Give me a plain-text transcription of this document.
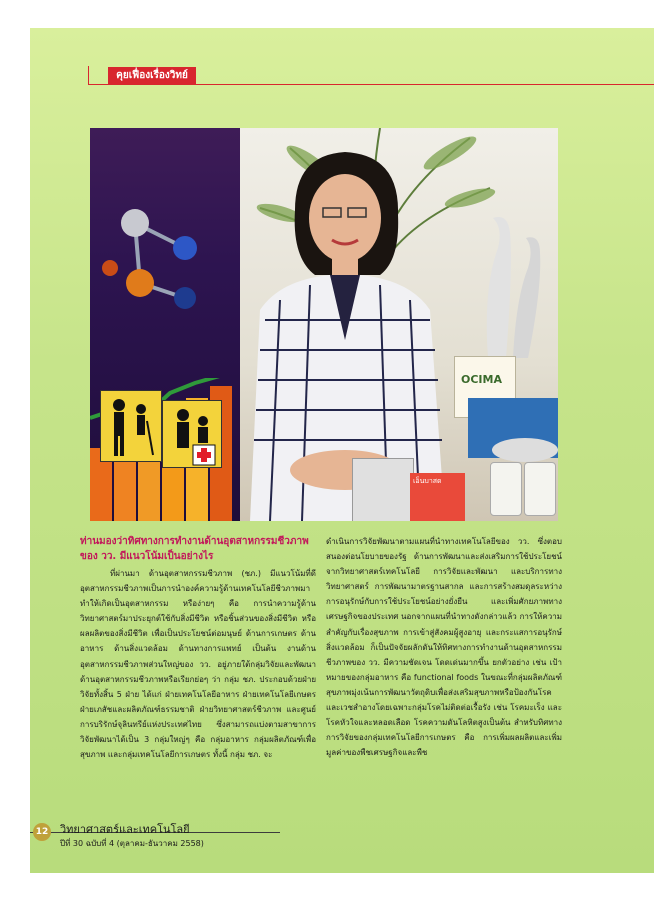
คุยเฟื่องเรื่องวิทย์
OCIMA
เอ็นบาสด
ท่านมองว่าทิศทางการทำงานด้านอุตสาหกรรมชีวภาพของ วว. มีแนวโน้มเป็นอย่างไร

ที่ผ่านมา ด้านอุตสาหกรรมชีวภาพ (ชภ.) มีแนวโน้มที่ดี อุตสาหกรรมชีวภาพเป็นการนำองค์ความรู้ด้านเทคโนโลยีชีวภาพมาทำให้เกิดเป็นอุตสาหกรรม หรือง่ายๆ คือ การนำความรู้ด้านวิทยาศาสตร์มาประยุกต์ใช้กับสิ่งมีชีวิต หรือชิ้นส่วนของสิ่งมีชีวิต หรือผลผลิตของสิ่งมีชีวิต เพื่อเป็นประโยชน์ต่อมนุษย์ ด้านการเกษตร ด้านอาหาร ด้านสิ่งแวดล้อม ด้านทางการแพทย์ เป็นต้น งานด้านอุตสาหกรรมชีวภาพส่วนใหญ่ของ วว. อยู่ภายใต้กลุ่มวิจัยและพัฒนาด้านอุตสาหกรรมชีวภาพหรือเรียกย่อๆ ว่า กลุ่ม ชภ. ประกอบด้วยฝ่ายวิจัยทั้งสิ้น 5 ฝ่าย ได้แก่ ฝ่ายเทคโนโลยีอาหาร ฝ่ายเทคโนโลยีเกษตร ฝ่ายเภสัชและผลิตภัณฑ์ธรรมชาติ ฝ่ายวิทยาศาสตร์ชีวภาพ และศูนย์การบริรักษ์จุลินทรีย์แห่งประเทศไทย ซึ่งสามารถแบ่งตามสาขาการวิจัยพัฒนาได้เป็น 3 กลุ่มใหญ่ๆ คือ กลุ่มอาหาร กลุ่มผลิตภัณฑ์เพื่อสุขภาพ และกลุ่มเทคโนโลยีการเกษตร ทั้งนี้ กลุ่ม ชภ. จะ

ดำเนินการวิจัยพัฒนาตามแผนที่นำทางเทคโนโลยีของ วว. ซึ่งตอบสนองต่อนโยบายของรัฐ ด้านการพัฒนาและส่งเสริมการใช้ประโยชน์จากวิทยาศาสตร์เทคโนโลยี การวิจัยและพัฒนา และบริการทางวิทยาศาสตร์ การพัฒนามาตรฐานสากล และการสร้างสมดุลระหว่างการอนุรักษ์กับการใช้ประโยชน์อย่างยั่งยืน และเพิ่มศักยภาพทางเศรษฐกิจของประเทศ นอกจากแผนที่นำทางดังกล่าวแล้ว การให้ความสำคัญกับเรื่องสุขภาพ การเข้าสู่สังคมผู้สูงอายุ และกระแสการอนุรักษ์สิ่งแวดล้อม ก็เป็นปัจจัยผลักดันให้ทิศทางการทำงานด้านอุตสาหกรรมชีวภาพของ วว. มีความชัดเจน โดดเด่นมากขึ้น ยกตัวอย่าง เช่น เป้าหมายของกลุ่มอาหาร คือ functional foods ในขณะที่กลุ่มผลิตภัณฑ์สุขภาพมุ่งเน้นการพัฒนาวัตถุดิบเพื่อส่งเสริมสุขภาพหรือป้องกันโรค และเวชสำอางโดยเฉพาะกลุ่มโรคไม่ติดต่อเรื้อรัง เช่น โรคมะเร็ง และโรคหัวใจและหลอดเลือด โรคความดันโลหิตสูงเป็นต้น สำหรับทิศทางการวิจัยของกลุ่มเทคโนโลยีการเกษตร คือ การเพิ่มผลผลิตและเพิ่มมูลค่าของพืชเศรษฐกิจและพืช

12 วิทยาศาสตร์และเทคโนโลยี
ปีที่ 30 ฉบับที่ 4 (ตุลาคม-ธันวาคม 2558)
